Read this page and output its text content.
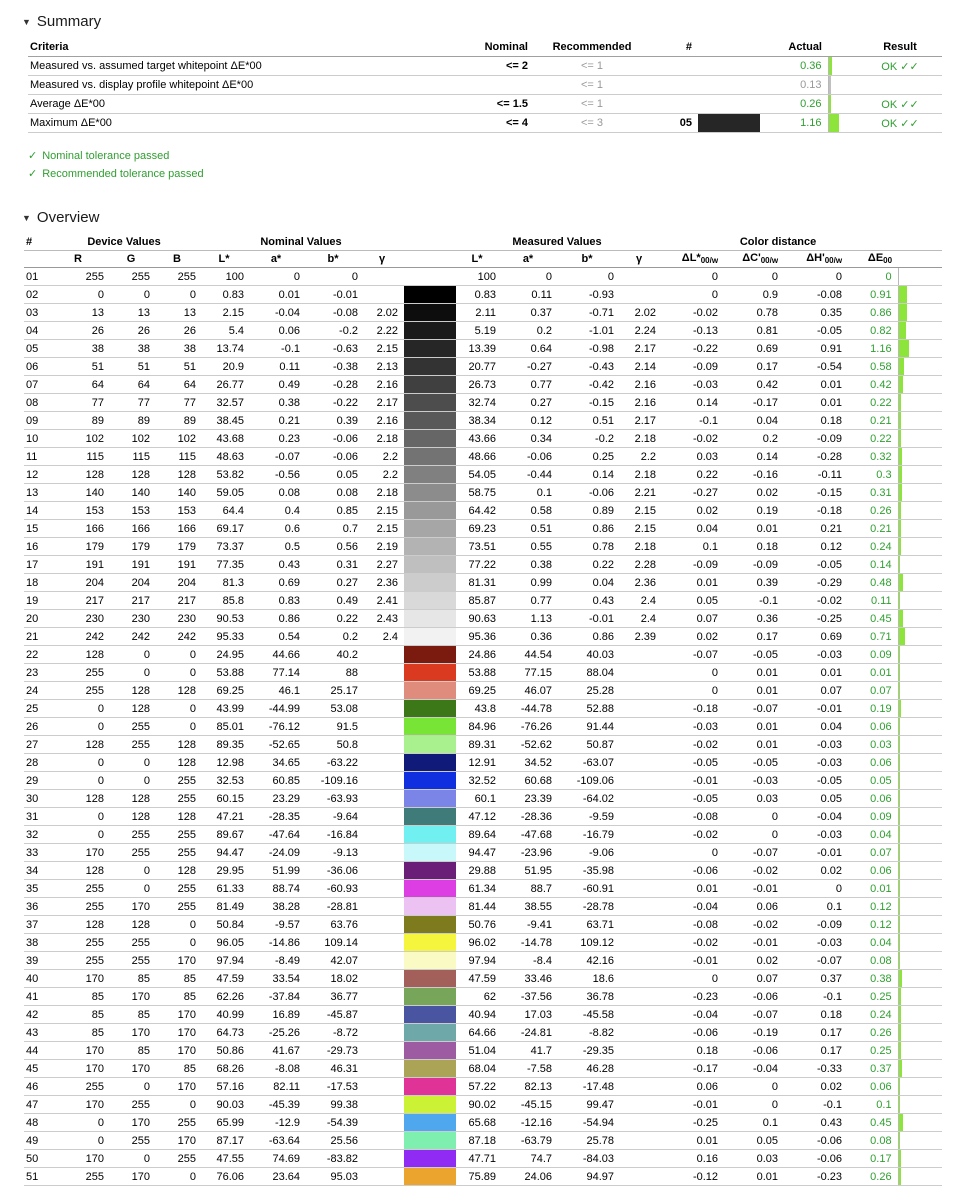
▼ Summary
Criteria	Nominal	Recommended	#		Actual		Result
Measured vs. assumed target whitepoint ΔE*00	<= 2	<= 1			0.36		OK ✓✓
Measured vs. display profile whitepoint ΔE*00		<= 1			0.13	

Average ΔE*00	<= 1.5	<= 1			0.26		OK ✓✓
Maximum ΔE*00	<= 4	<= 3	05		1.16		OK ✓✓
✓ Nominal tolerance passed
✓ Recommended tolerance passed
▼ Overview
#	Device Values			Nominal Values					Measured Values				Color distance				
	R	G	B	L*	a*	b*	γ		L*	a*	b*	γ	ΔL*00/w	ΔC'00/w	ΔH'00/w	ΔE00	
01	255	255	255	100	0	0			100	0	0		0	0	0	0	

02	0	0	0	0.83	0.01	-0.01			0.83	0.11	-0.93		0	0.9	-0.08	0.91	

03	13	13	13	2.15	-0.04	-0.08	2.02		2.11	0.37	-0.71	2.02	-0.02	0.78	0.35	0.86	

04	26	26	26	5.4	0.06	-0.2	2.22		5.19	0.2	-1.01	2.24	-0.13	0.81	-0.05	0.82	

05	38	38	38	13.74	-0.1	-0.63	2.15		13.39	0.64	-0.98	2.17	-0.22	0.69	0.91	1.16	

06	51	51	51	20.9	0.11	-0.38	2.13		20.77	-0.27	-0.43	2.14	-0.09	0.17	-0.54	0.58	

07	64	64	64	26.77	0.49	-0.28	2.16		26.73	0.77	-0.42	2.16	-0.03	0.42	0.01	0.42	

08	77	77	77	32.57	0.38	-0.22	2.17		32.74	0.27	-0.15	2.16	0.14	-0.17	0.01	0.22	

09	89	89	89	38.45	0.21	0.39	2.16		38.34	0.12	0.51	2.17	-0.1	0.04	0.18	0.21	

10	102	102	102	43.68	0.23	-0.06	2.18		43.66	0.34	-0.2	2.18	-0.02	0.2	-0.09	0.22	

11	115	115	115	48.63	-0.07	-0.06	2.2		48.66	-0.06	0.25	2.2	0.03	0.14	-0.28	0.32	

12	128	128	128	53.82	-0.56	0.05	2.2		54.05	-0.44	0.14	2.18	0.22	-0.16	-0.11	0.3	

13	140	140	140	59.05	0.08	0.08	2.18		58.75	0.1	-0.06	2.21	-0.27	0.02	-0.15	0.31	

14	153	153	153	64.4	0.4	0.85	2.15		64.42	0.58	0.89	2.15	0.02	0.19	-0.18	0.26	

15	166	166	166	69.17	0.6	0.7	2.15		69.23	0.51	0.86	2.15	0.04	0.01	0.21	0.21	

16	179	179	179	73.37	0.5	0.56	2.19		73.51	0.55	0.78	2.18	0.1	0.18	0.12	0.24	

17	191	191	191	77.35	0.43	0.31	2.27		77.22	0.38	0.22	2.28	-0.09	-0.09	-0.05	0.14	

18	204	204	204	81.3	0.69	0.27	2.36		81.31	0.99	0.04	2.36	0.01	0.39	-0.29	0.48	

19	217	217	217	85.8	0.83	0.49	2.41		85.87	0.77	0.43	2.4	0.05	-0.1	-0.02	0.11	

20	230	230	230	90.53	0.86	0.22	2.43		90.63	1.13	-0.01	2.4	0.07	0.36	-0.25	0.45	

21	242	242	242	95.33	0.54	0.2	2.4		95.36	0.36	0.86	2.39	0.02	0.17	0.69	0.71	

22	128	0	0	24.95	44.66	40.2			24.86	44.54	40.03		-0.07	-0.05	-0.03	0.09	

23	255	0	0	53.88	77.14	88			53.88	77.15	88.04		0	0.01	0.01	0.01	

24	255	128	128	69.25	46.1	25.17			69.25	46.07	25.28		0	0.01	0.07	0.07	

25	0	128	0	43.99	-44.99	53.08			43.8	-44.78	52.88		-0.18	-0.07	-0.01	0.19	

26	0	255	0	85.01	-76.12	91.5			84.96	-76.26	91.44		-0.03	0.01	0.04	0.06	

27	128	255	128	89.35	-52.65	50.8			89.31	-52.62	50.87		-0.02	0.01	-0.03	0.03	

28	0	0	128	12.98	34.65	-63.22			12.91	34.52	-63.07		-0.05	-0.05	-0.03	0.06	

29	0	0	255	32.53	60.85	-109.16			32.52	60.68	-109.06		-0.01	-0.03	-0.05	0.05	

30	128	128	255	60.15	23.29	-63.93			60.1	23.39	-64.02		-0.05	0.03	0.05	0.06	

31	0	128	128	47.21	-28.35	-9.64			47.12	-28.36	-9.59		-0.08	0	-0.04	0.09	

32	0	255	255	89.67	-47.64	-16.84			89.64	-47.68	-16.79		-0.02	0	-0.03	0.04	

33	170	255	255	94.47	-24.09	-9.13			94.47	-23.96	-9.06		0	-0.07	-0.01	0.07	

34	128	0	128	29.95	51.99	-36.06			29.88	51.95	-35.98		-0.06	-0.02	0.02	0.06	

35	255	0	255	61.33	88.74	-60.93			61.34	88.7	-60.91		0.01	-0.01	0	0.01	

36	255	170	255	81.49	38.28	-28.81			81.44	38.55	-28.78		-0.04	0.06	0.1	0.12	

37	128	128	0	50.84	-9.57	63.76			50.76	-9.41	63.71		-0.08	-0.02	-0.09	0.12	

38	255	255	0	96.05	-14.86	109.14			96.02	-14.78	109.12		-0.02	-0.01	-0.03	0.04	

39	255	255	170	97.94	-8.49	42.07			97.94	-8.4	42.16		-0.01	0.02	-0.07	0.08	

40	170	85	85	47.59	33.54	18.02			47.59	33.46	18.6		0	0.07	0.37	0.38	

41	85	170	85	62.26	-37.84	36.77			62	-37.56	36.78		-0.23	-0.06	-0.1	0.25	

42	85	85	170	40.99	16.89	-45.87			40.94	17.03	-45.58		-0.04	-0.07	0.18	0.24	

43	85	170	170	64.73	-25.26	-8.72			64.66	-24.81	-8.82		-0.06	-0.19	0.17	0.26	

44	170	85	170	50.86	41.67	-29.73			51.04	41.7	-29.35		0.18	-0.06	0.17	0.25	

45	170	170	85	68.26	-8.08	46.31			68.04	-7.58	46.28		-0.17	-0.04	-0.33	0.37	

46	255	0	170	57.16	82.11	-17.53			57.22	82.13	-17.48		0.06	0	0.02	0.06	

47	170	255	0	90.03	-45.39	99.38			90.02	-45.15	99.47		-0.01	0	-0.1	0.1	

48	0	170	255	65.99	-12.9	-54.39			65.68	-12.16	-54.94		-0.25	0.1	0.43	0.45	

49	0	255	170	87.17	-63.64	25.56			87.18	-63.79	25.78		0.01	0.05	-0.06	0.08	

50	170	0	255	47.55	74.69	-83.82			47.71	74.7	-84.03		0.16	0.03	-0.06	0.17	

51	255	170	0	76.06	23.64	95.03			75.89	24.06	94.97		-0.12	0.01	-0.23	0.26	
